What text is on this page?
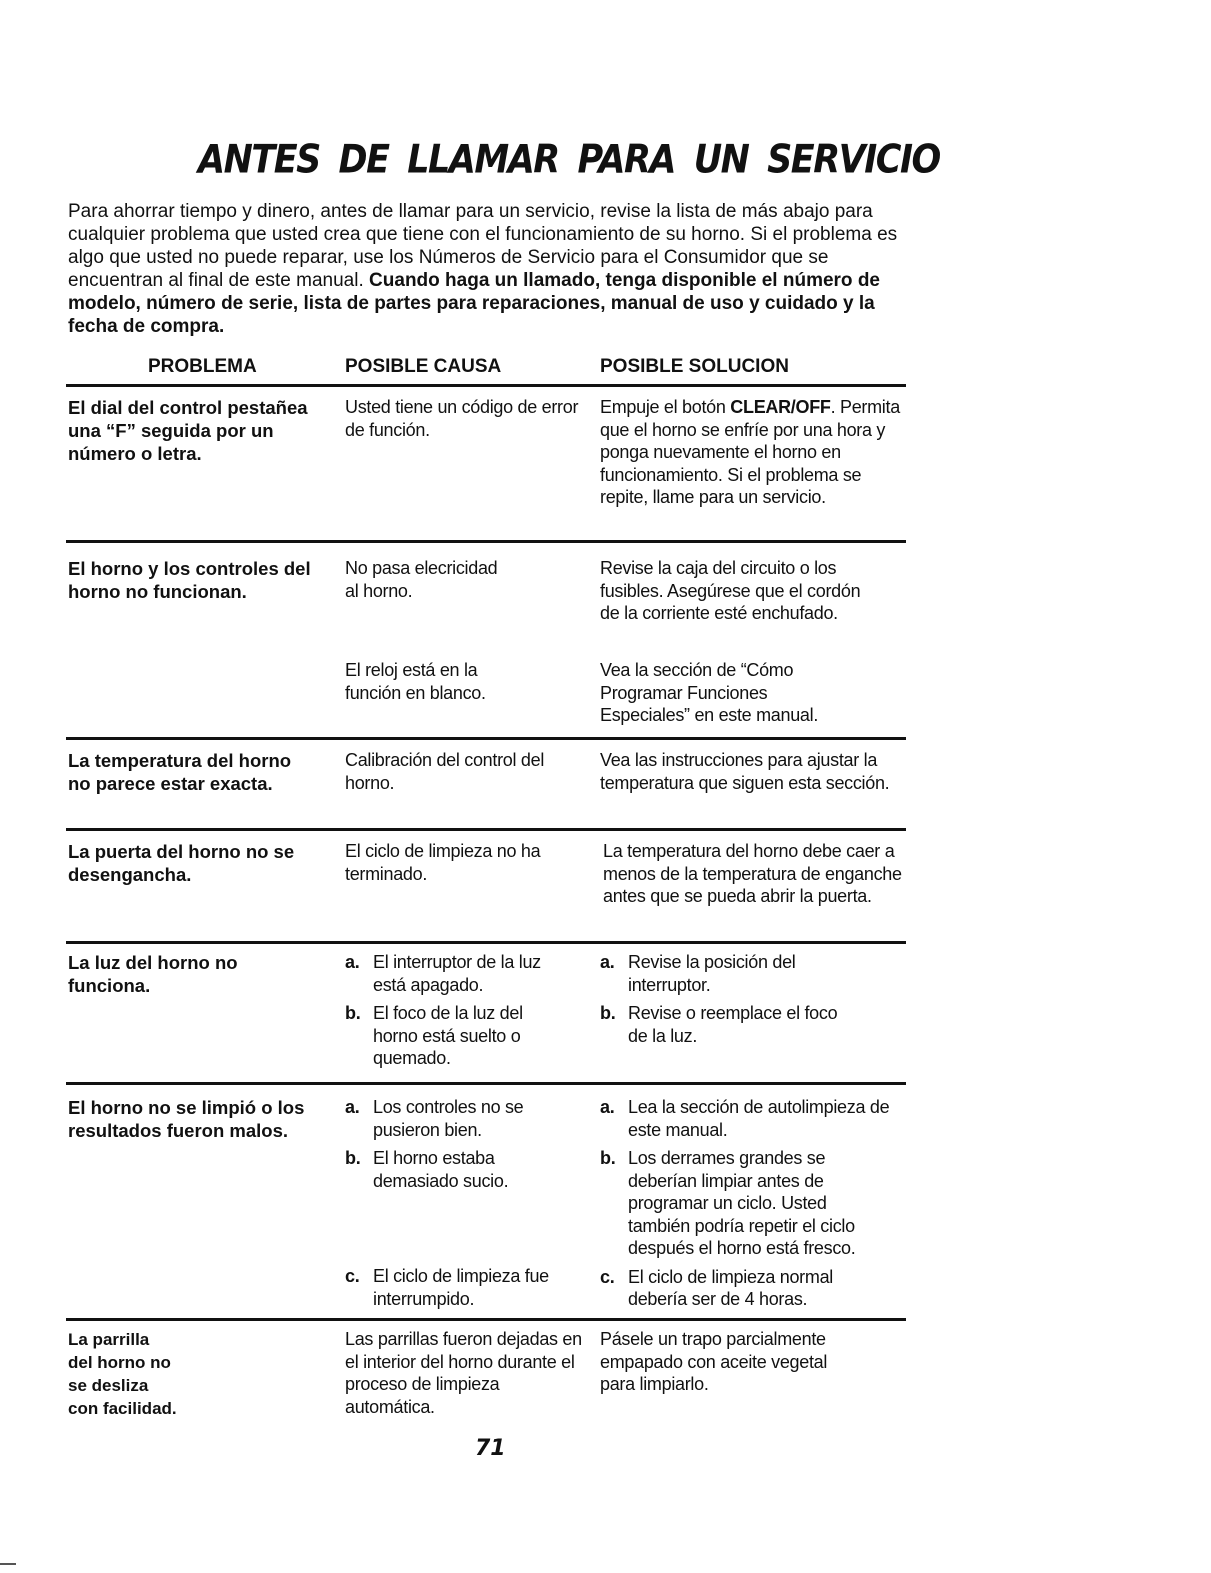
ANTES DE LLAMAR PARA UN SERVICIO
Para ahorrar tiempo y dinero, antes de llamar para un servicio, revise la lista de más abajo para cualquier problema que usted crea que tiene con el funcionamiento de su horno. Si el problema es algo que usted no puede reparar, use los Números de Servicio para el Consumidor que se encuentran al final de este manual. Cuando haga un llamado, tenga disponible el número de modelo, número de serie, lista de partes para reparaciones, manual de uso y cuidado y la fecha de compra.
PROBLEMA	POSIBLE CAUSA	POSIBLE SOLUCION
El dial del control pestañea una “F” seguida por un número o letra.
Usted tiene un código de error de función.
Empuje el botón CLEAR/OFF. Permita que el horno se enfríe por una hora y ponga nuevamente el horno en funcionamiento. Si el problema se repite, llame para un servicio.
El horno y los controles del horno no funcionan.
No pasa elecricidad al horno.
Revise la caja del circuito o los fusibles. Asegúrese que el cordón de la corriente esté enchufado.
El reloj está en la función en blanco.
Vea la sección de “Cómo Programar Funciones Especiales” en este manual.
La temperatura del horno no parece estar exacta.
Calibración del control del horno.
Vea las instrucciones para ajustar la temperatura que siguen esta sección.
La puerta del horno no se desengancha.
El ciclo de limpieza no ha terminado.
La temperatura del horno debe caer a menos de la temperatura de enganche antes que se pueda abrir la puerta.
La luz del horno no funciona.
a. El interruptor de la luz está apagado.
b. El foco de la luz del horno está suelto o quemado.
a. Revise la posición del interruptor.
b. Revise o reemplace el foco de la luz.
El horno no se limpió o los resultados fueron malos.
a. Los controles no se pusieron bien.
b. El horno estaba demasiado sucio.
c. El ciclo de limpieza fue interrumpido.
a. Lea la sección de autolimpieza de este manual.
b. Los derrames grandes se deberían limpiar antes de programar un ciclo. Usted también podría repetir el ciclo después el horno está fresco.
c. El ciclo de limpieza normal debería ser de 4 horas.
La parrilla del horno no se desliza con facilidad.
Las parrillas fueron dejadas en el interior del horno durante el proceso de limpieza automática.
Pásele un trapo parcialmente empapado con aceite vegetal para limpiarlo.
71
